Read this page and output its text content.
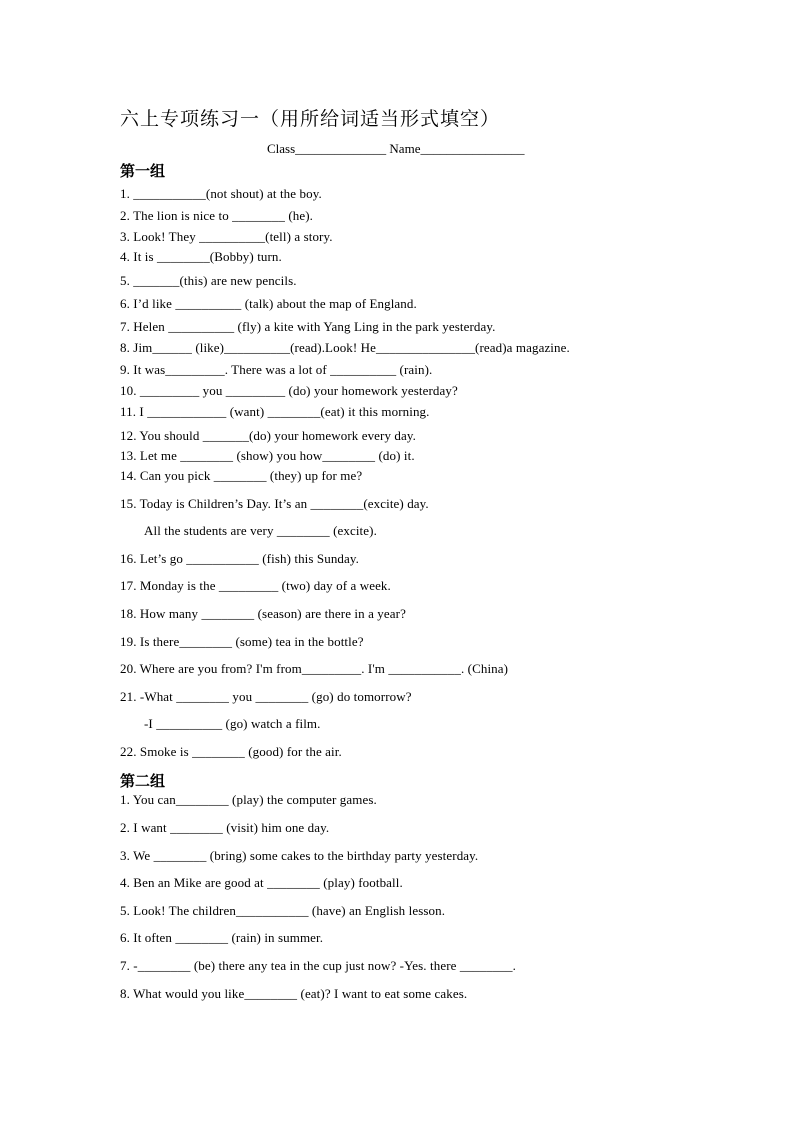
六上专项练习一（用所给词适当形式填空）
Class______________ Name________________
第一组
1. ___________(not shout) at the boy.
2. The lion is nice to ________ (he).
3. Look! They __________(tell) a story.
4. It is ________(Bobby) turn.
5. _______(this) are new pencils.
6. I’d like __________ (talk) about the map of England.
7. Helen __________ (fly) a kite with Yang Ling in the park yesterday.
8. Jim______ (like)__________(read).Look! He_______________(read)a magazine.
9. It was_________. There was a lot of __________ (rain).
10. _________ you _________ (do) your homework yesterday?
11. I ____________ (want) ________(eat) it this morning.
12. You should _______(do) your homework every day.
13. Let me ________ (show) you how________ (do) it.
14. Can you pick ________ (they) up for me?
15. Today is Children’s Day. It’s an ________(excite) day.
All the students are very ________ (excite).
16. Let’s go ___________ (fish) this Sunday.
17. Monday is the _________ (two) day of a week.
18. How many ________ (season) are there in a year?
19. Is there________ (some) tea in the bottle?
20. Where are you from? I'm from_________. I'm ___________. (China)
21. -What ________ you ________ (go) do tomorrow?
-I __________ (go) watch a film.
22. Smoke is ________ (good) for the air.
第二组
1. You can________ (play) the computer games.
2. I want ________ (visit) him one day.
3. We ________ (bring) some cakes to the birthday party yesterday.
4. Ben an Mike are good at ________ (play) football.
5. Look! The children___________ (have) an English lesson.
6. It often ________ (rain) in summer.
7. -________ (be) there any tea in the cup just now? -Yes. there ________.
8. What would you like________ (eat)? I want to eat some cakes.
